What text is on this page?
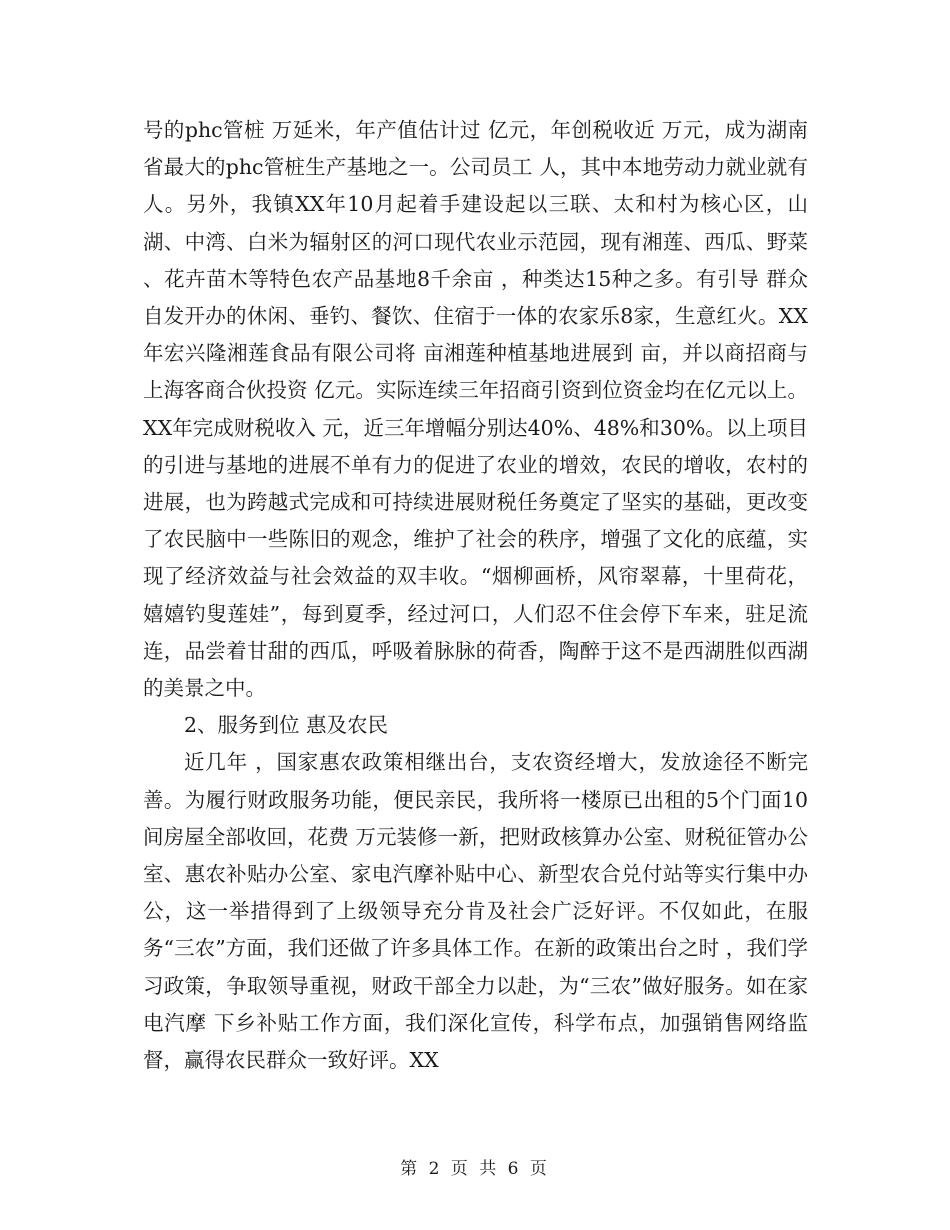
号的phc管桩 万延米，年产值估计过 亿元，年创税收近 万元，成为湖南省最大的phc管桩生产基地之一。公司员工 人，其中本地劳动力就业就有 人。另外，我镇XX年10月起着手建设起以三联、太和村为核心区，山湖、中湾、白米为辐射区的河口现代农业示范园，现有湘莲、西瓜、野菜 、花卉苗木等特色农产品基地8千余亩 ，种类达15种之多。有引导 群众自发开办的休闲、垂钓、餐饮、住宿于一体的农家乐8家，生意红火。XX年宏兴隆湘莲食品有限公司将 亩湘莲种植基地进展到 亩，并以商招商与上海客商合伙投资 亿元。实际连续三年招商引资到位资金均在亿元以上。XX年完成财税收入 元，近三年增幅分别达40%、48%和30%。以上项目的引进与基地的进展不单有力的促进了农业的增效，农民的增收，农村的进展，也为跨越式完成和可持续进展财税任务奠定了坚实的基础，更改变了农民脑中一些陈旧的观念，维护了社会的秩序，增强了文化的底蕴，实现了经济效益与社会效益的双丰收。“烟柳画桥，风帘翠幕，十里荷花，嬉嬉钓叟莲娃”，每到夏季，经过河口，人们忍不住会停下车来，驻足流连，品尝着甘甜的西瓜，呼吸着脉脉的荷香，陶醉于这不是西湖胜似西湖的美景之中。

2、服务到位 惠及农民

近几年 ，国家惠农政策相继出台，支农资经增大，发放途径不断完善。为履行财政服务功能，便民亲民，我所将一楼原已出租的5个门面10间房屋全部收回，花费 万元装修一新，把财政核算办公室、财税征管办公室、惠农补贴办公室、家电汽摩补贴中心、新型农合兑付站等实行集中办公，这一举措得到了上级领导充分肯及社会广泛好评。不仅如此，在服务“三农”方面，我们还做了许多具体工作。在新的政策出台之时 ，我们学习政策，争取领导重视，财政干部全力以赴，为“三农”做好服务。如在家电汽摩 下乡补贴工作方面，我们深化宣传，科学布点，加强销售网络监督，赢得农民群众一致好评。XX

第 2 页 共 6 页
